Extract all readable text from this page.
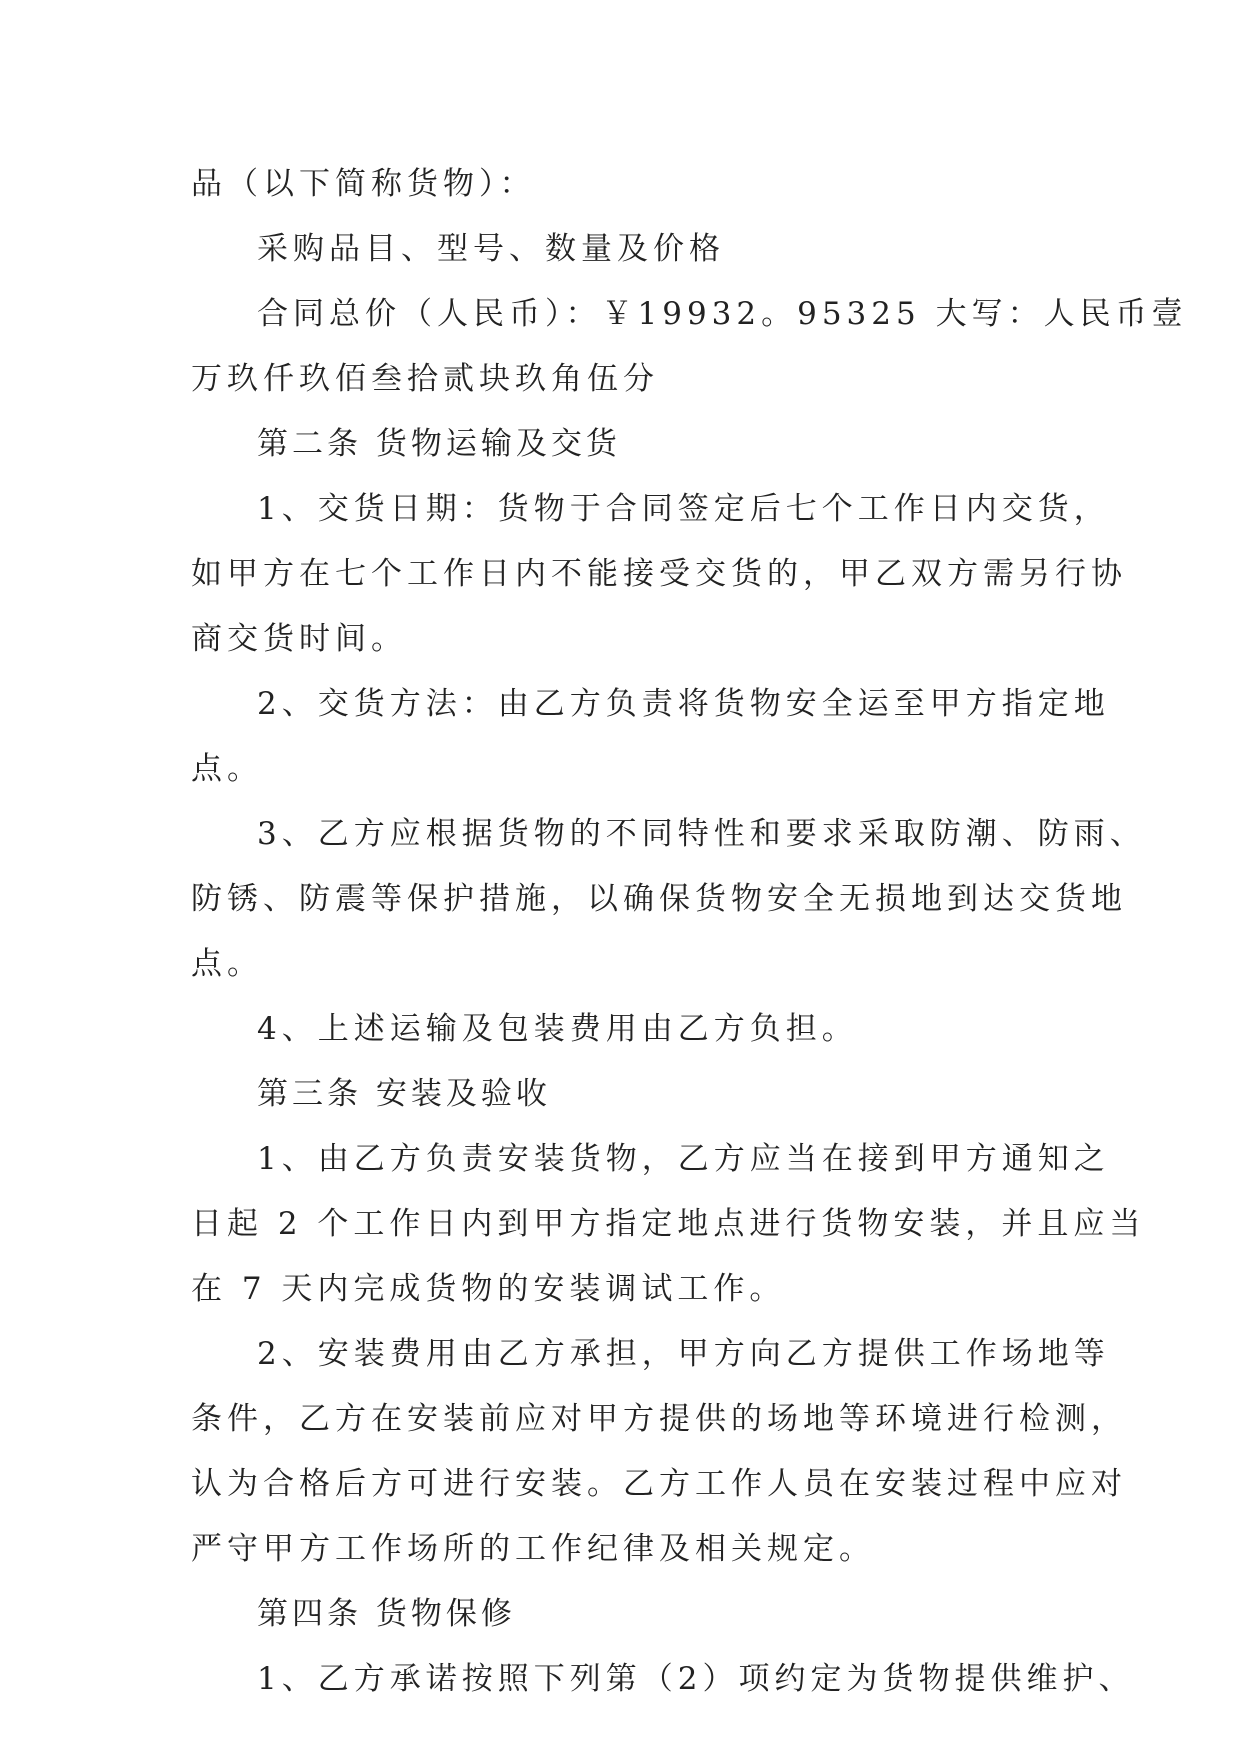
品（以下简称货物）：
采购品目、型号、数量及价格
合同总价（人民币）：￥19932。95325 大写：人民币壹
万玖仟玖佰叁拾贰块玖角伍分
第二条 货物运输及交货
1、交货日期：货物于合同签定后七个工作日内交货，
如甲方在七个工作日内不能接受交货的，甲乙双方需另行协
商交货时间。
2、交货方法：由乙方负责将货物安全运至甲方指定地
点。
3、乙方应根据货物的不同特性和要求采取防潮、防雨、
防锈、防震等保护措施，以确保货物安全无损地到达交货地
点。
4、上述运输及包装费用由乙方负担。
第三条 安装及验收
1、由乙方负责安装货物，乙方应当在接到甲方通知之
日起 2 个工作日内到甲方指定地点进行货物安装，并且应当
在 7 天内完成货物的安装调试工作。
2、安装费用由乙方承担，甲方向乙方提供工作场地等
条件，乙方在安装前应对甲方提供的场地等环境进行检测，
认为合格后方可进行安装。乙方工作人员在安装过程中应对
严守甲方工作场所的工作纪律及相关规定。
第四条 货物保修
1、乙方承诺按照下列第（2）项约定为货物提供维护、
